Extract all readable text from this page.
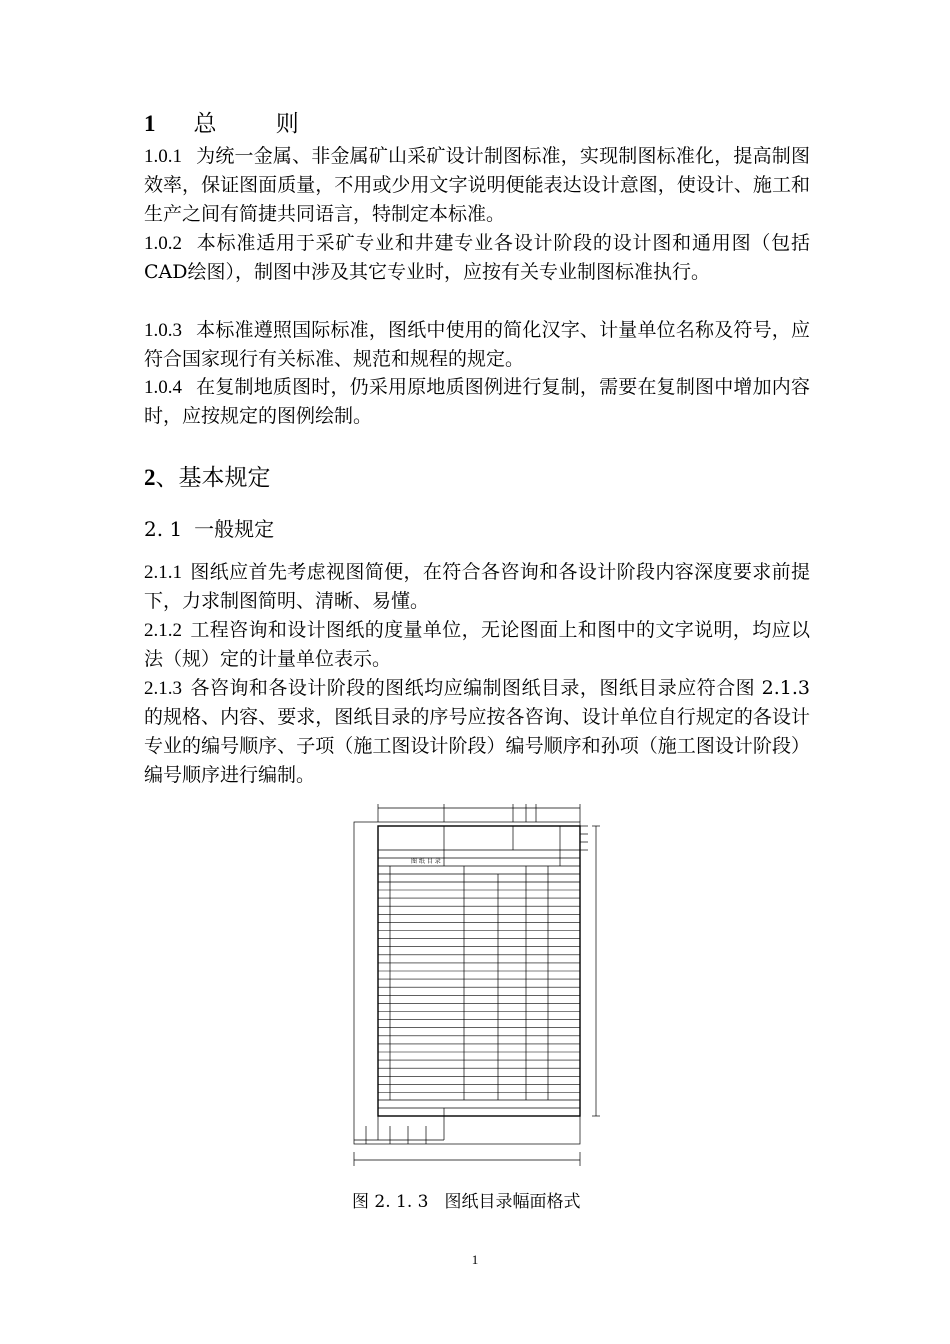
1 总 则

1.0.1 为统一金属、非金属矿山采矿设计制图标准，实现制图标准化，提高制图效率，保证图面质量，不用或少用文字说明便能表达设计意图，使设计、施工和生产之间有简捷共同语言，特制定本标准。

1.0.2 本标准适用于采矿专业和井建专业各设计阶段的设计图和通用图（包括CAD绘图），制图中涉及其它专业时，应按有关专业制图标准执行。

1.0.3 本标准遵照国际标准，图纸中使用的简化汉字、计量单位名称及符号，应符合国家现行有关标准、规范和规程的规定。

1.0.4 在复制地质图时，仍采用原地质图例进行复制，需要在复制图中增加内容时，应按规定的图例绘制。

2、基本规定
2. 1 一般规定

2.1.1 图纸应首先考虑视图简便，在符合各咨询和各设计阶段内容深度要求前提下，力求制图简明、清晰、易懂。

2.1.2 工程咨询和设计图纸的度量单位，无论图面上和图中的文字说明，均应以法（规）定的计量单位表示。

2.1.3 各咨询和各设计阶段的图纸均应编制图纸目录，图纸目录应符合图 2.1.3 的规格、内容、要求，图纸目录的序号应按各咨询、设计单位自行规定的各设计专业的编号顺序、子项（施工图设计阶段）编号顺序和孙项（施工图设计阶段）编号顺序进行编制。

图 纸 目 录
图 2. 1. 3 图纸目录幅面格式
1
